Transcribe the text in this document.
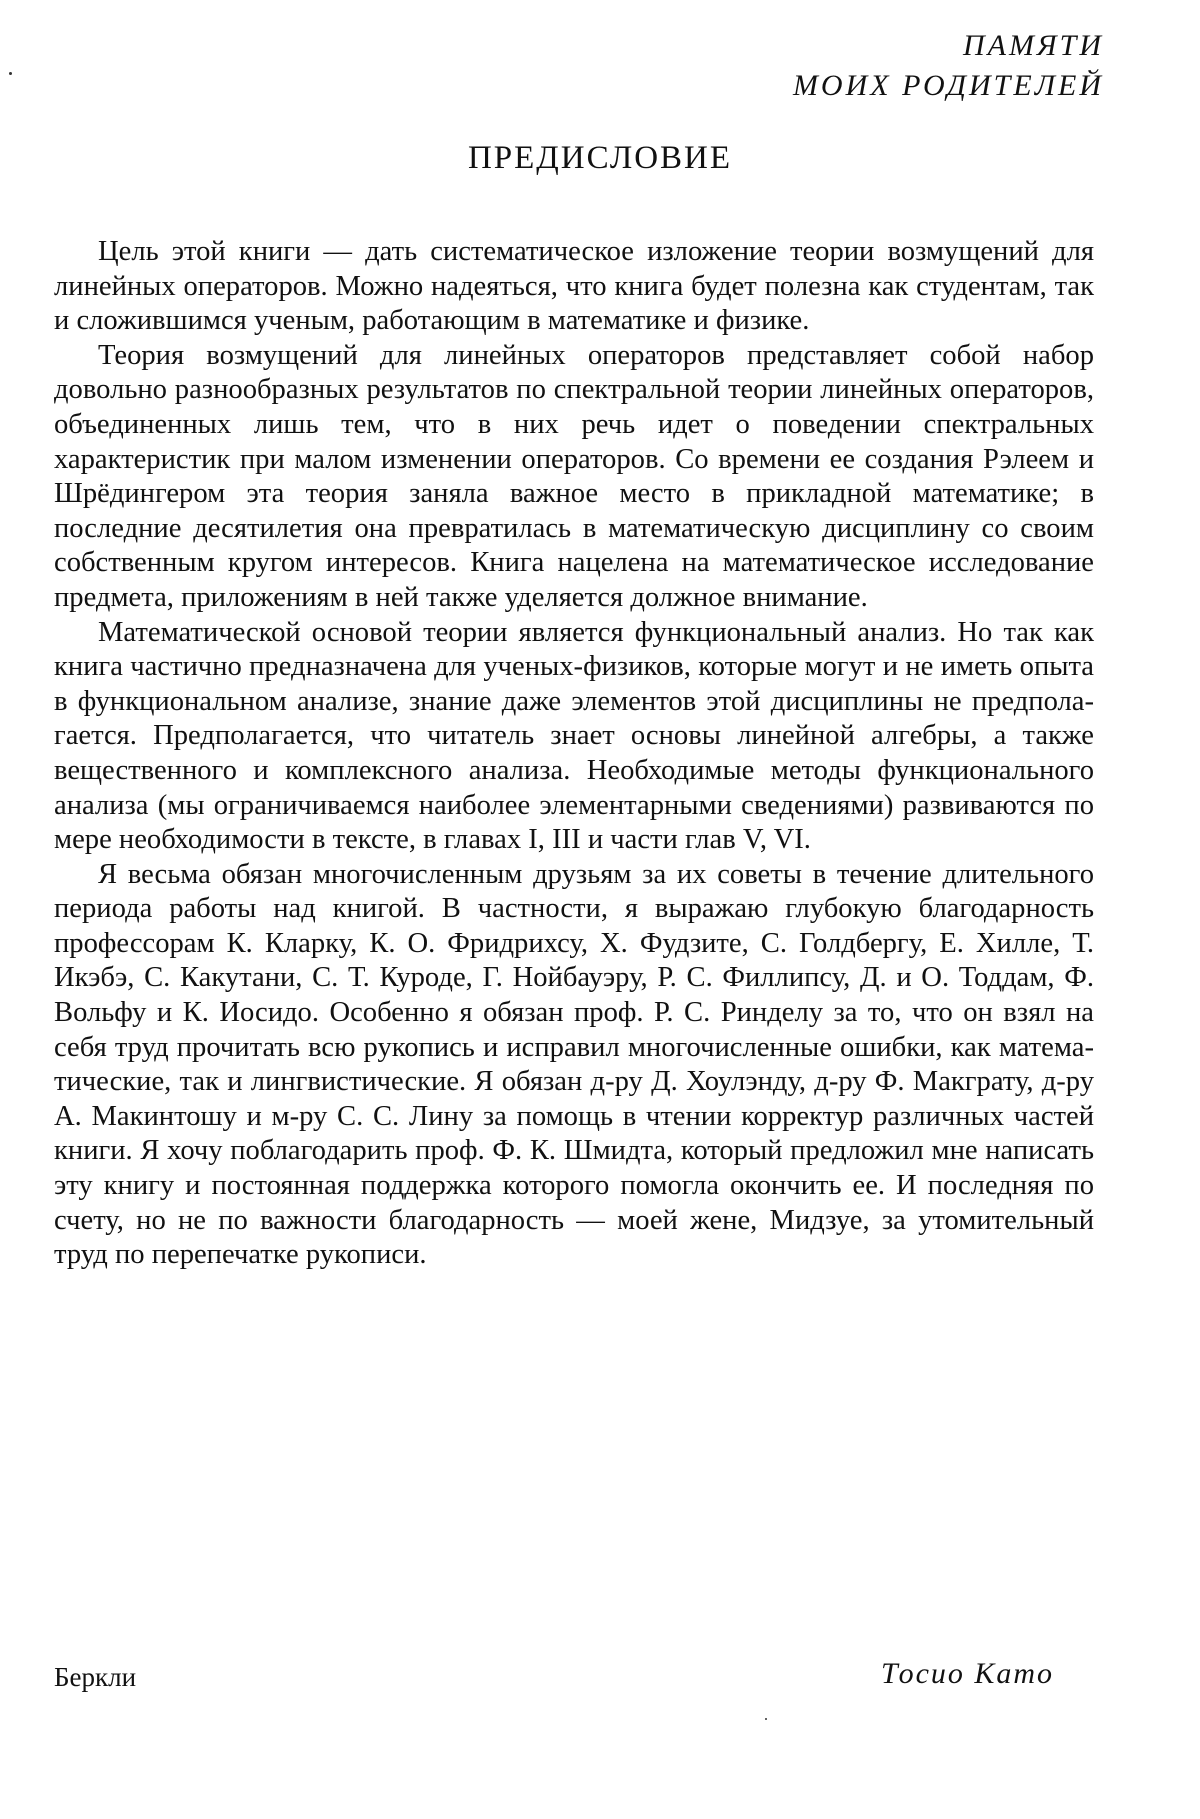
ПАМЯТИ
МОИХ РОДИТЕЛЕЙ
ПРЕДИСЛОВИЕ

Цель этой книги — дать систематическое изложение теории возмущений для линейных операторов. Можно надеяться, что книга будет полезна как студентам, так и сложившимся ученым, работающим в математике и физике.

Теория возмущений для линейных операторов представляет собой набор довольно разнообразных результатов по спектральной теории линейных операторов, объединенных лишь тем, что в них речь идет о поведении спектральных характеристик при малом изменении операторов. Со времени ее создания Рэлеем и Шрёдингером эта теория заняла важное место в прикладной математике; в последние десятилетия она превратилась в математическую дисциплину со своим собственным кругом интересов. Книга нацелена на математическое исследование предмета, приложениям в ней также уделяется должное внимание.

Математической основой теории является функциональный анализ. Но так как книга частично предназначена для ученых-физиков, которые могут и не иметь опыта в функциональном анализе, знание даже элементов этой дисциплины не предполагается. Предполагается, что читатель знает основы линейной алгебры, а также вещественного и комплексного анализа. Необходимые методы функционального анализа (мы ограничиваемся наиболее элементарными сведениями) развиваются по мере необходимости в тексте, в главах I, III и части глав V, VI.

Я весьма обязан многочисленным друзьям за их советы в течение длительного периода работы над книгой. В частности, я выражаю глубокую благодарность профессорам К. Кларку, К. О. Фридрихсу, Х. Фудзите, С. Голдбергу, Е. Хилле, Т. Икэбэ, С. Какутани, С. Т. Куроде, Г. Нойбауэру, Р. С. Филлипсу, Д. и О. Тоддам, Ф. Вольфу и К. Иосидо. Особенно я обязан проф. Р. С. Ринделу за то, что он взял на себя труд прочитать всю рукопись и исправил многочисленные ошибки, как математические, так и лингвистические. Я обязан д-ру Д. Хоулэнду, д-ру Ф. Макграту, д-ру А. Макинтошу и м-ру С. С. Лину за помощь в чтении корректур различных частей книги. Я хочу поблагодарить проф. Ф. К. Шмидта, который предложил мне написать эту книгу и постоянная поддержка которого помогла окончить ее. И последняя по счету, но не по важности благодарность — моей жене, Мидзуе, за утомительный труд по перепечатке рукописи.

Беркли	Тосио Като
